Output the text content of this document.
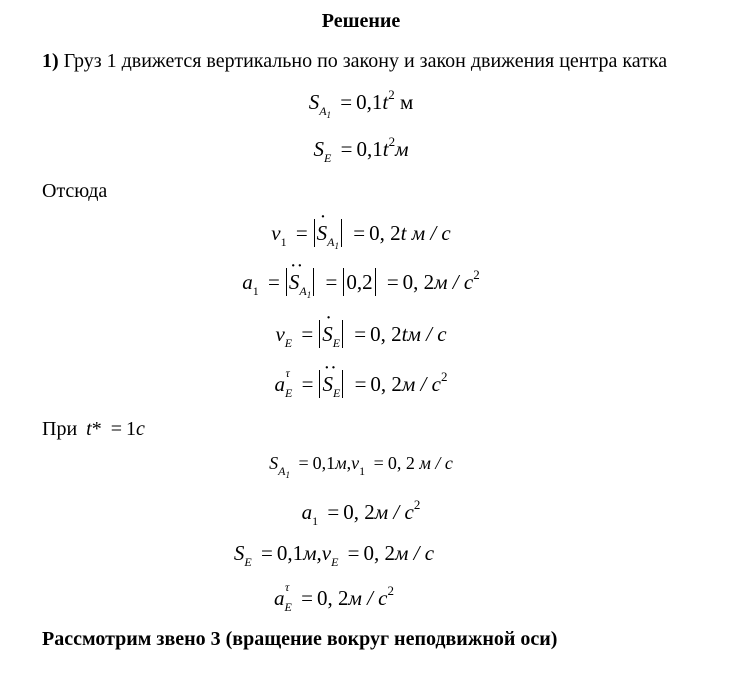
Решение
1) Груз 1 движется вертикально по закону и закон движения центра катка
$S_{A_1} = 0,1t^2$ м
$S_E = 0,1t^2м$
Отсюда
$v_1 =\cdot S_{A_1} = 0$, 2t м / с
$a_1$ =·· $S_{A_1} = 0,2 = 0$, $2м / с^2$
$v_E =\cdot S_E = 0$, 2tм / с
a τ
$_E$ =·· $S_E = 0$, $2м / с^2$
При t* = 1с
$S_{A_1} = 0,1м,v_1 = 0$, 2 м / с
$a_1 = 0$, $2м / с^2$
$S_E = 0,1м,v_E = 0$, 2м / с
a τ
$_E$ = 0, $2м / с^2$
Рассмотрим звено 3 (вращение вокруг неподвижной оси)
